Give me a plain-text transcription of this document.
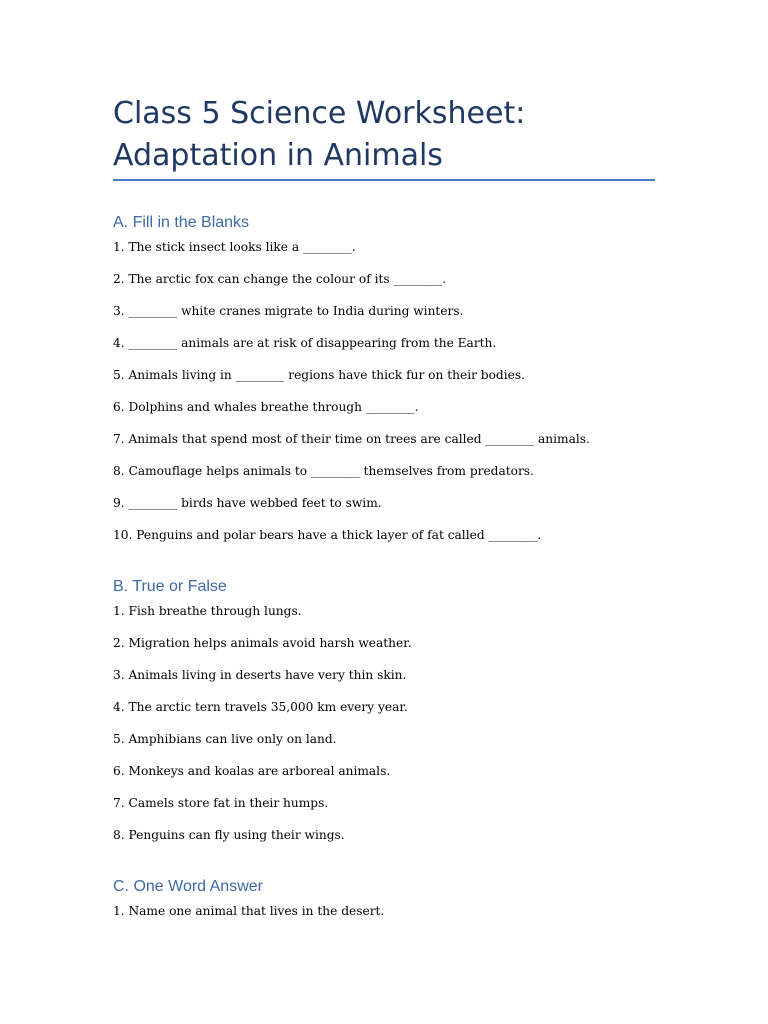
Class 5 Science Worksheet: Adaptation in Animals
A. Fill in the Blanks

1. The stick insect looks like a ________.

2. The arctic fox can change the colour of its ________.

3. ________ white cranes migrate to India during winters.

4. ________ animals are at risk of disappearing from the Earth.

5. Animals living in ________ regions have thick fur on their bodies.

6. Dolphins and whales breathe through ________.

7. Animals that spend most of their time on trees are called ________ animals.

8. Camouflage helps animals to ________ themselves from predators.

9. ________ birds have webbed feet to swim.

10. Penguins and polar bears have a thick layer of fat called ________.

B. True or False

1. Fish breathe through lungs.

2. Migration helps animals avoid harsh weather.

3. Animals living in deserts have very thin skin.

4. The arctic tern travels 35,000 km every year.

5. Amphibians can live only on land.

6. Monkeys and koalas are arboreal animals.

7. Camels store fat in their humps.

8. Penguins can fly using their wings.

C. One Word Answer

1. Name one animal that lives in the desert.
